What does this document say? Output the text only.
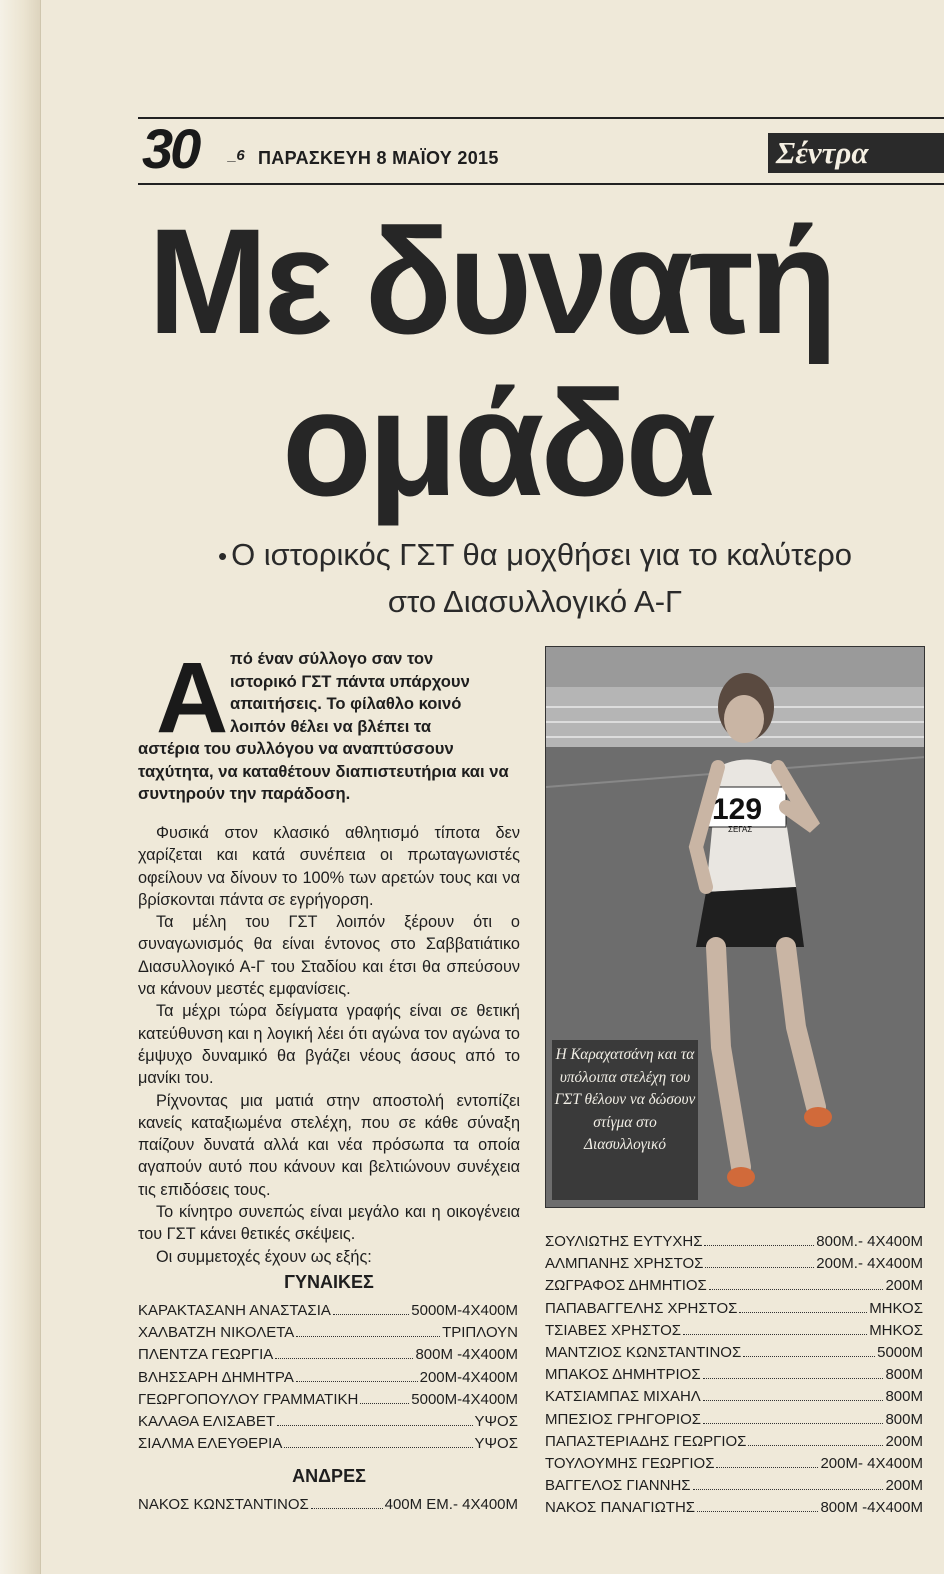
30 _6 ΠΑΡΑΣΚΕΥΗ 8 ΜΑΪΟΥ 2015	Σέντρα
Με δυνατή
ομάδα
• Ο ιστορικός ΓΣΤ θα μοχθήσει για το καλύτερο
στο Διασυλλογικό Α-Γ
Α πό έναν σύλλογο σαν τον
ιστορικό ΓΣΤ πάντα υπάρχουν
απαιτήσεις. Το φίλαθλο κοινό
λοιπόν θέλει να βλέπει τα
αστέρια του συλλόγου να αναπτύσσουν ταχύτητα, να καταθέτουν διαπιστευτήρια και να συντηρούν την παράδοση.

Φυσικά στον κλασικό αθλητισμό τίποτα δεν χαρίζεται και κατά συνέπεια οι πρωταγωνιστές οφείλουν να δίνουν το 100% των αρετών τους και να βρίσκονται πάντα σε εγρήγορση.

Τα μέλη του ΓΣΤ λοιπόν ξέρουν ότι ο συναγωνισμός θα είναι έντονος στο Σαββατιάτικο Διασυλλογικό Α-Γ του Σταδίου και έτσι θα σπεύσουν να κάνουν μεστές εμφανίσεις.

Τα μέχρι τώρα δείγματα γραφής είναι σε θετική κατεύθυνση και η λογική λέει ότι αγώνα τον αγώνα το έμψυχο δυναμικό θα βγάζει νέους άσους από το μανίκι του.

Ρίχνοντας μια ματιά στην αποστολή εντοπίζει κανείς καταξιωμένα στελέχη, που σε κάθε σύναξη παίζουν δυνατά αλλά και νέα πρόσωπα τα οποία αγαπούν αυτό που κάνουν και βελτιώνουν συνέχεια τις επιδόσεις τους.

Το κίνητρο συνεπώς είναι μεγάλο και η οικογένεια του ΓΣΤ κάνει θετικές σκέψεις.

Οι συμμετοχές έχουν ως εξής:

129
ΣΕΓΑΣ
Η Καραχατσάνη και τα υπόλοιπα στελέχη του ΓΣΤ θέλουν να δώσουν στίγμα στο Διασυλλογικό
ΓΥΝΑΙΚΕΣ
ΚΑΡΑΚΤΑΣΑΝΗ ΑΝΑΣΤΑΣΙΑ	5000Μ-4Χ400Μ
ΧΑΛΒΑΤΖΗ ΝΙΚΟΛΕΤΑ	ΤΡΙΠΛΟΥΝ
ΠΛΕΝΤΖΑ ΓΕΩΡΓΙΑ	800Μ -4Χ400Μ
ΒΛΗΣΣΑΡΗ ΔΗΜΗΤΡΑ	200Μ-4Χ400Μ
ΓΕΩΡΓΟΠΟΥΛΟΥ ΓΡΑΜΜΑΤΙΚΗ	5000Μ-4Χ400Μ
ΚΑΛΑΘΑ ΕΛΙΣΑΒΕΤ	ΥΨΟΣ
ΣΙΑΛΜΑ ΕΛΕΥΘΕΡΙΑ	ΥΨΟΣ
ΑΝΔΡΕΣ
ΝΑΚΟΣ ΚΩΝΣΤΑΝΤΙΝΟΣ	400Μ ΕΜ.- 4Χ400Μ
ΣΟΥΛΙΩΤΗΣ ΕΥΤΥΧΗΣ	800Μ.- 4Χ400Μ
ΑΛΜΠΑΝΗΣ ΧΡΗΣΤΟΣ	200Μ.- 4Χ400Μ
ΖΩΓΡΑΦΟΣ ΔΗΜΗΤΙΟΣ	200Μ
ΠΑΠΑΒΑΓΓΕΛΗΣ ΧΡΗΣΤΟΣ	ΜΗΚΟΣ
ΤΣΙΑΒΕΣ ΧΡΗΣΤΟΣ	ΜΗΚΟΣ
ΜΑΝΤΖΙΟΣ ΚΩΝΣΤΑΝΤΙΝΟΣ	5000Μ
ΜΠΑΚΟΣ ΔΗΜΗΤΡΙΟΣ	800Μ
ΚΑΤΣΙΑΜΠΑΣ ΜΙΧΑΗΛ	800Μ
ΜΠΕΣΙΟΣ ΓΡΗΓΟΡΙΟΣ	800Μ
ΠΑΠΑΣΤΕΡΙΑΔΗΣ ΓΕΩΡΓΙΟΣ	200Μ
ΤΟΥΛΟΥΜΗΣ ΓΕΩΡΓΙΟΣ	200Μ- 4Χ400Μ
ΒΑΓΓΕΛΟΣ ΓΙΑΝΝΗΣ	200Μ
ΝΑΚΟΣ ΠΑΝΑΓΙΩΤΗΣ	800Μ -4Χ400Μ
